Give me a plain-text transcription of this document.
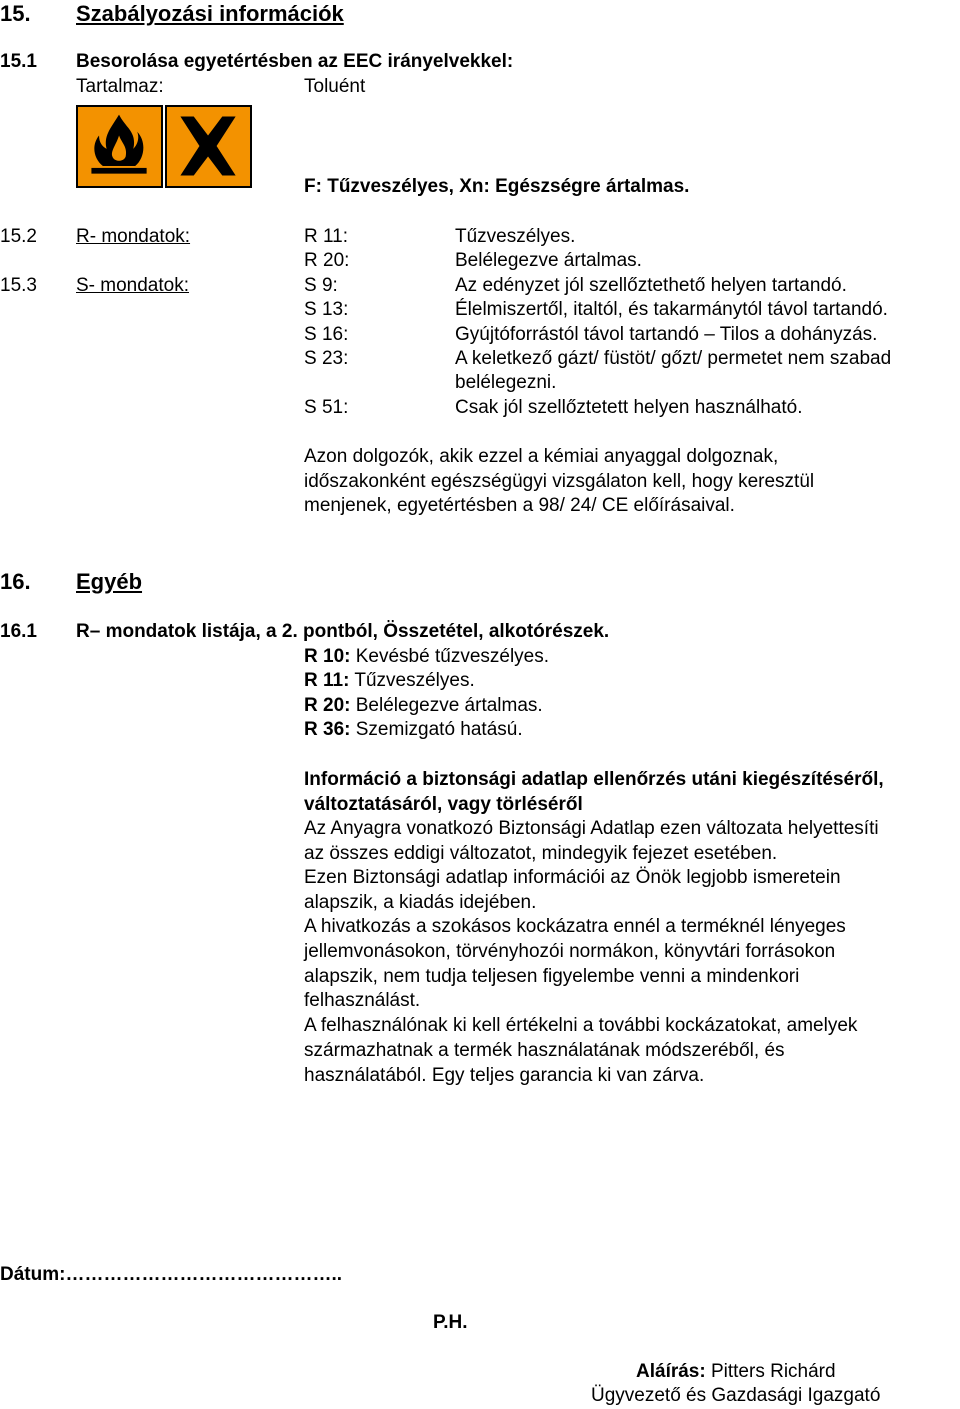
15. Szabályozási információk
15.1 Besorolása egyetértésben az EEC irányelvekkel:
Tartalmaz:	Toluént
F: Tűzveszélyes, Xn: Egészségre ártalmas.
15.2 R- mondatok:	R 11:	Tűzveszélyes.
R 20:	Belélegezve ártalmas.
15.3 S- mondatok:	S 9:	Az edényzet jól szellőztethető helyen tartandó.
S 13:	Élelmiszertől, italtól, és takarmánytól távol tartandó.
S 16:	Gyújtóforrástól távol tartandó – Tilos a dohányzás.
S 23:	A keletkező gázt/ füstöt/ gőzt/ permetet nem szabad
belélegezni.
S 51:	Csak jól szellőztetett helyen használható.
Azon dolgozók, akik ezzel a kémiai anyaggal dolgoznak,
időszakonként egészségügyi vizsgálaton kell, hogy keresztül
menjenek, egyetértésben a 98/ 24/ CE előírásaival.
16. Egyéb
16.1 R– mondatok listája, a 2. pontból, Összetétel, alkotórészek.
R 10: Kevésbé tűzveszélyes.
R 11: Tűzveszélyes.
R 20: Belélegezve ártalmas.
R 36: Szemizgató hatású.
Információ a biztonsági adatlap ellenőrzés utáni kiegészítéséről,
változtatásáról, vagy törléséről
Az Anyagra vonatkozó Biztonsági Adatlap ezen változata helyettesíti
az összes eddigi változatot, mindegyik fejezet esetében.
Ezen Biztonsági adatlap információi az Önök legjobb ismeretein
alapszik, a kiadás idejében.
A hivatkozás a szokásos kockázatra ennél a terméknél lényeges
jellemvonásokon, törvényhozói normákon, könyvtári forrásokon
alapszik, nem tudja teljesen figyelembe venni a mindenkori
felhasználást.
A felhasználónak ki kell értékelni a további kockázatokat, amelyek
származhatnak a termék használatának módszeréből, és
használatából. Egy teljes garancia ki van zárva.
Dátum:……………………………………..
P.H.
Aláírás: Pitters Richárd
Ügyvezető és Gazdasági Igazgató
